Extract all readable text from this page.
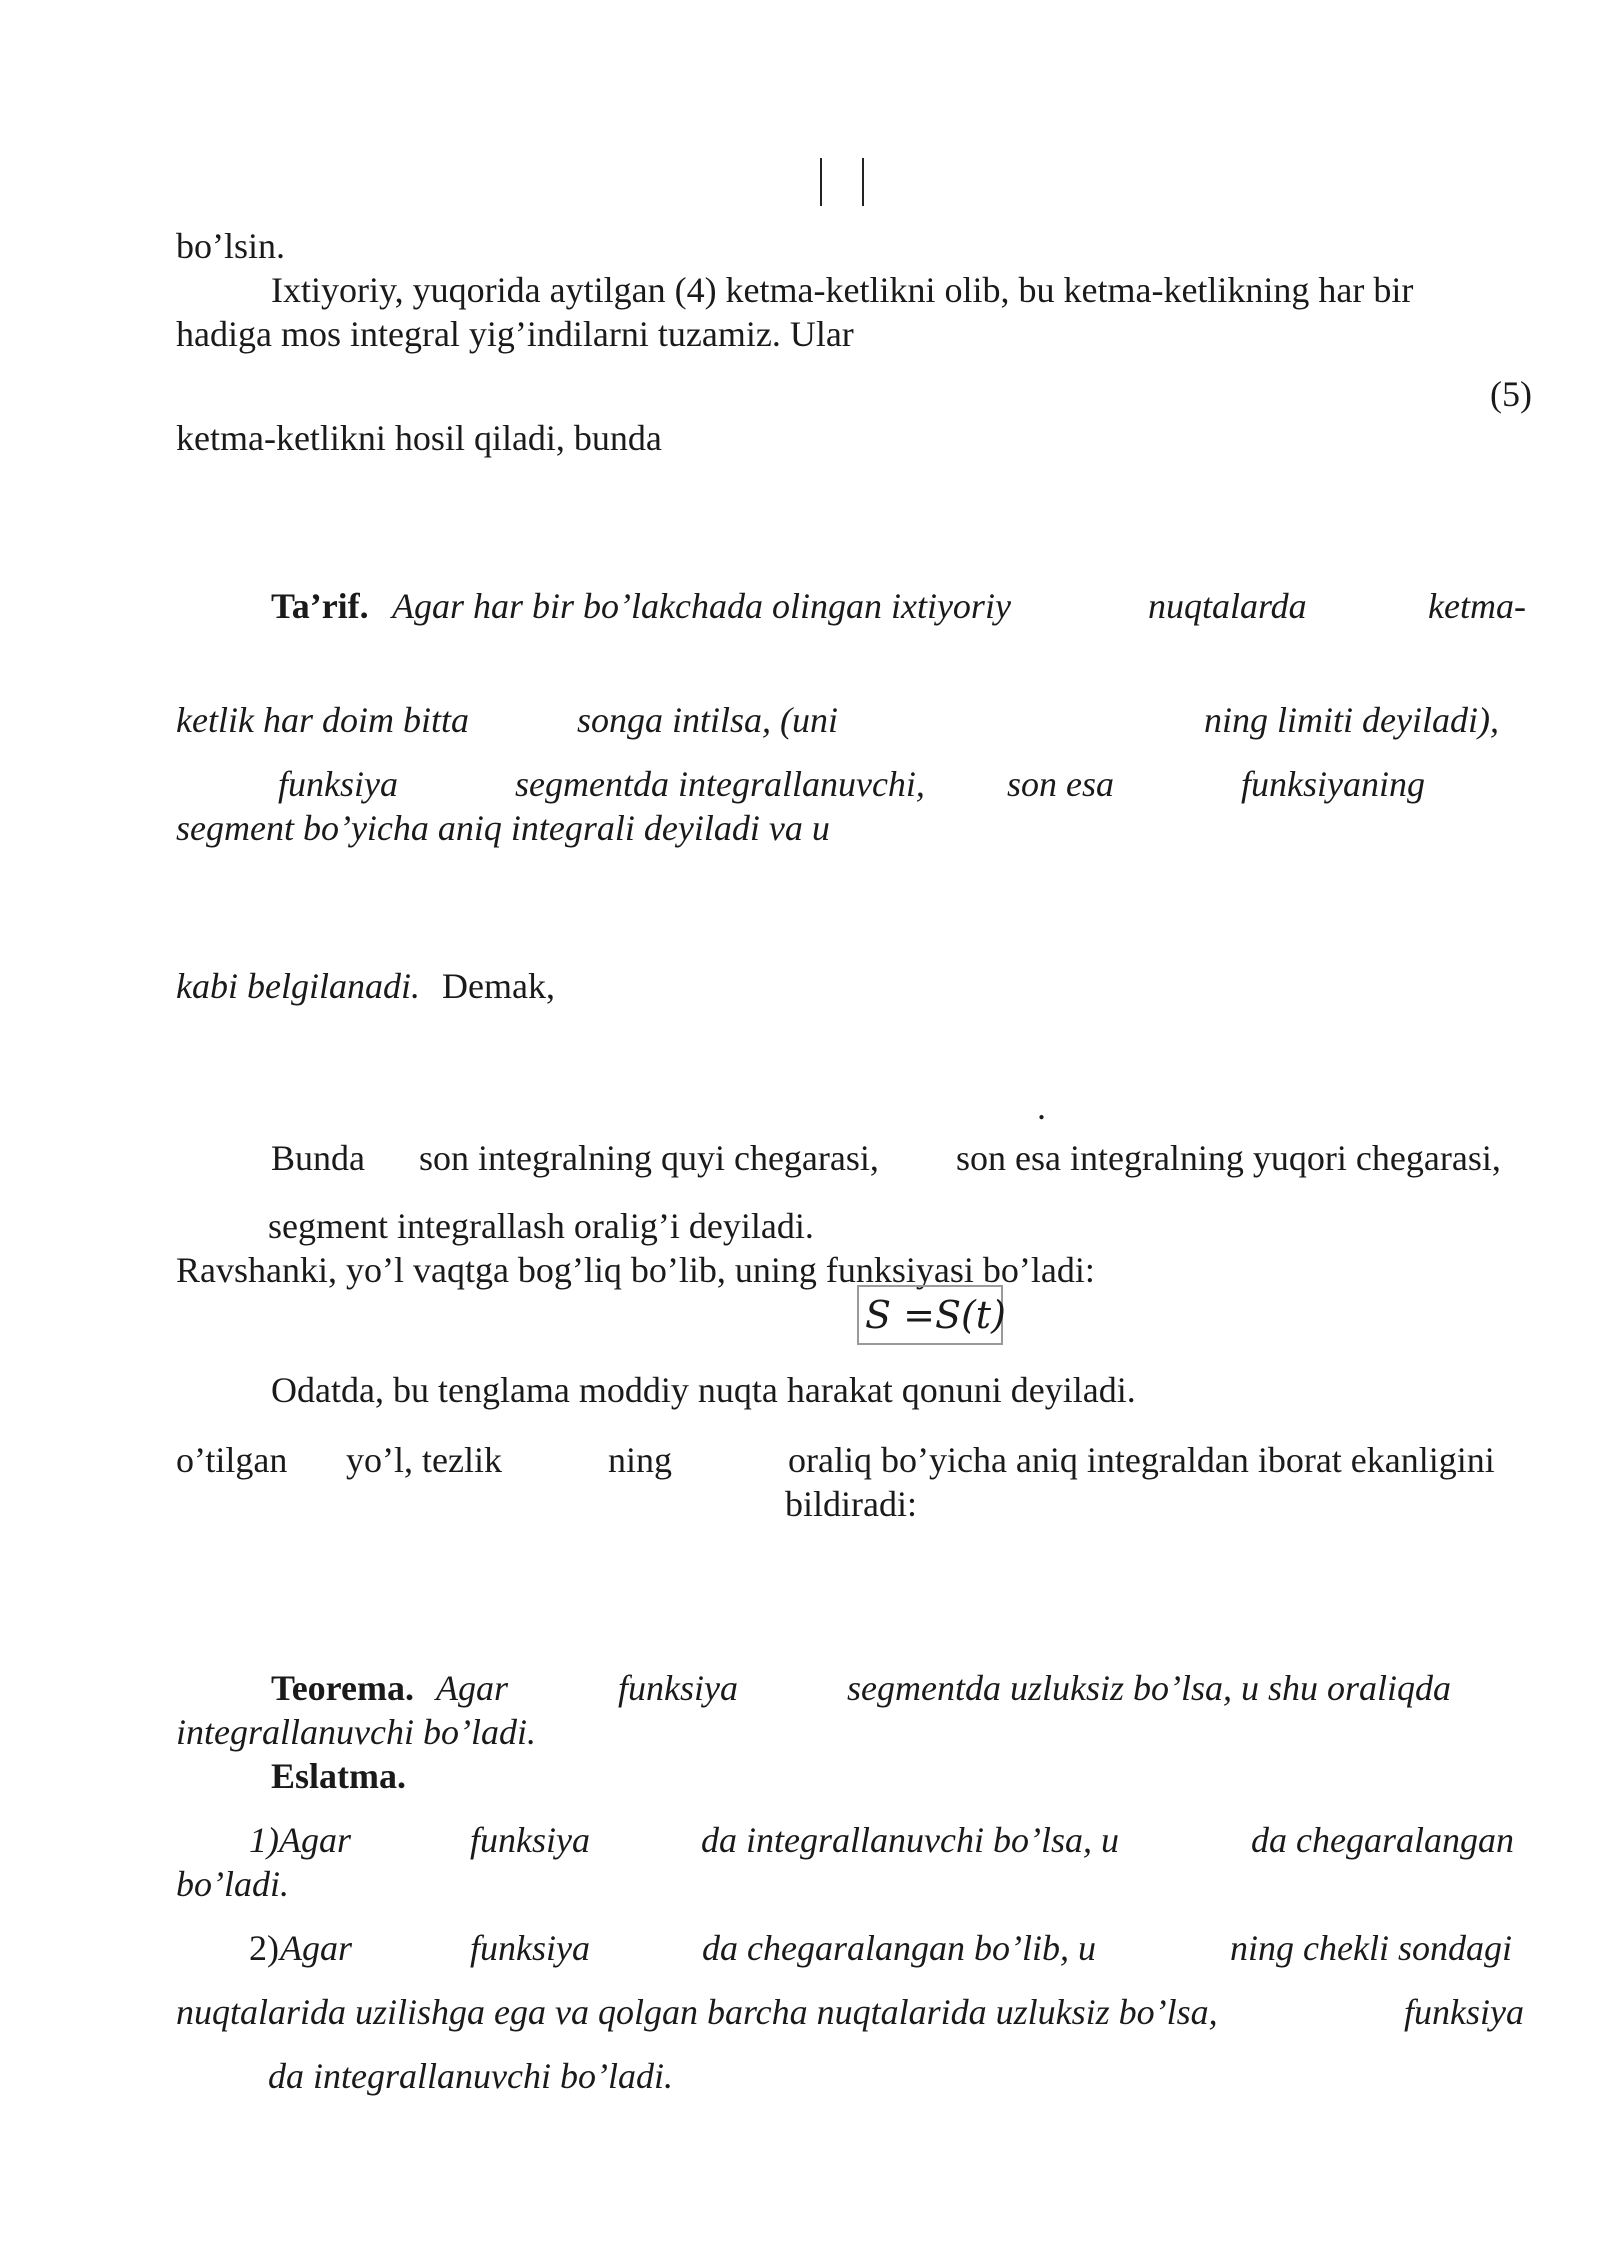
bo’lsin.
Ixtiyoriy, yuqorida aytilgan (4) ketma-ketlikni olib, bu ketma-ketlikning har bir
hadiga mos integral yig’indilarni tuzamiz. Ular
(5)
ketma-ketlikni hosil qiladi, bunda
Ta’rif. Agar har bir bo’lakchada olingan ixtiyoriy	nuqtalarda	ketma-
ketlik har doim bitta	songa intilsa, (uni	ning limiti deyiladi),
funksiya	segmentda integrallanuvchi, son esa	funksiyaning
segment bo’yicha aniq integrali deyiladi va u
kabi belgilanadi. Demak,
.
Bunda son integralning quyi chegarasi, son esa integralning yuqori chegarasi,
segment integrallash oralig’i deyiladi.
Ravshanki, yo’l vaqtga bog’liq bo’lib, uning funksiyasi bo’ladi:
S =S(t)
Odatda, bu tenglama moddiy nuqta harakat qonuni deyiladi.
o’tilgan yo’l, tezlik	ning	oraliq bo’yicha aniq integraldan iborat ekanligini
bildiradi:
Teorema. Agar	funksiya	segmentda uzluksiz bo’lsa, u shu oraliqda
integrallanuvchi bo’ladi.
Eslatma.
1)Agar	funksiya	da integrallanuvchi bo’lsa, u	da chegaralangan
bo’ladi.
2) Agar	funksiya	da chegaralangan bo’lib, u	ning chekli sondagi
nuqtalarida uzilishga ega va qolgan barcha nuqtalarida uzluksiz bo’lsa,	funksiya
da integrallanuvchi bo’ladi.
